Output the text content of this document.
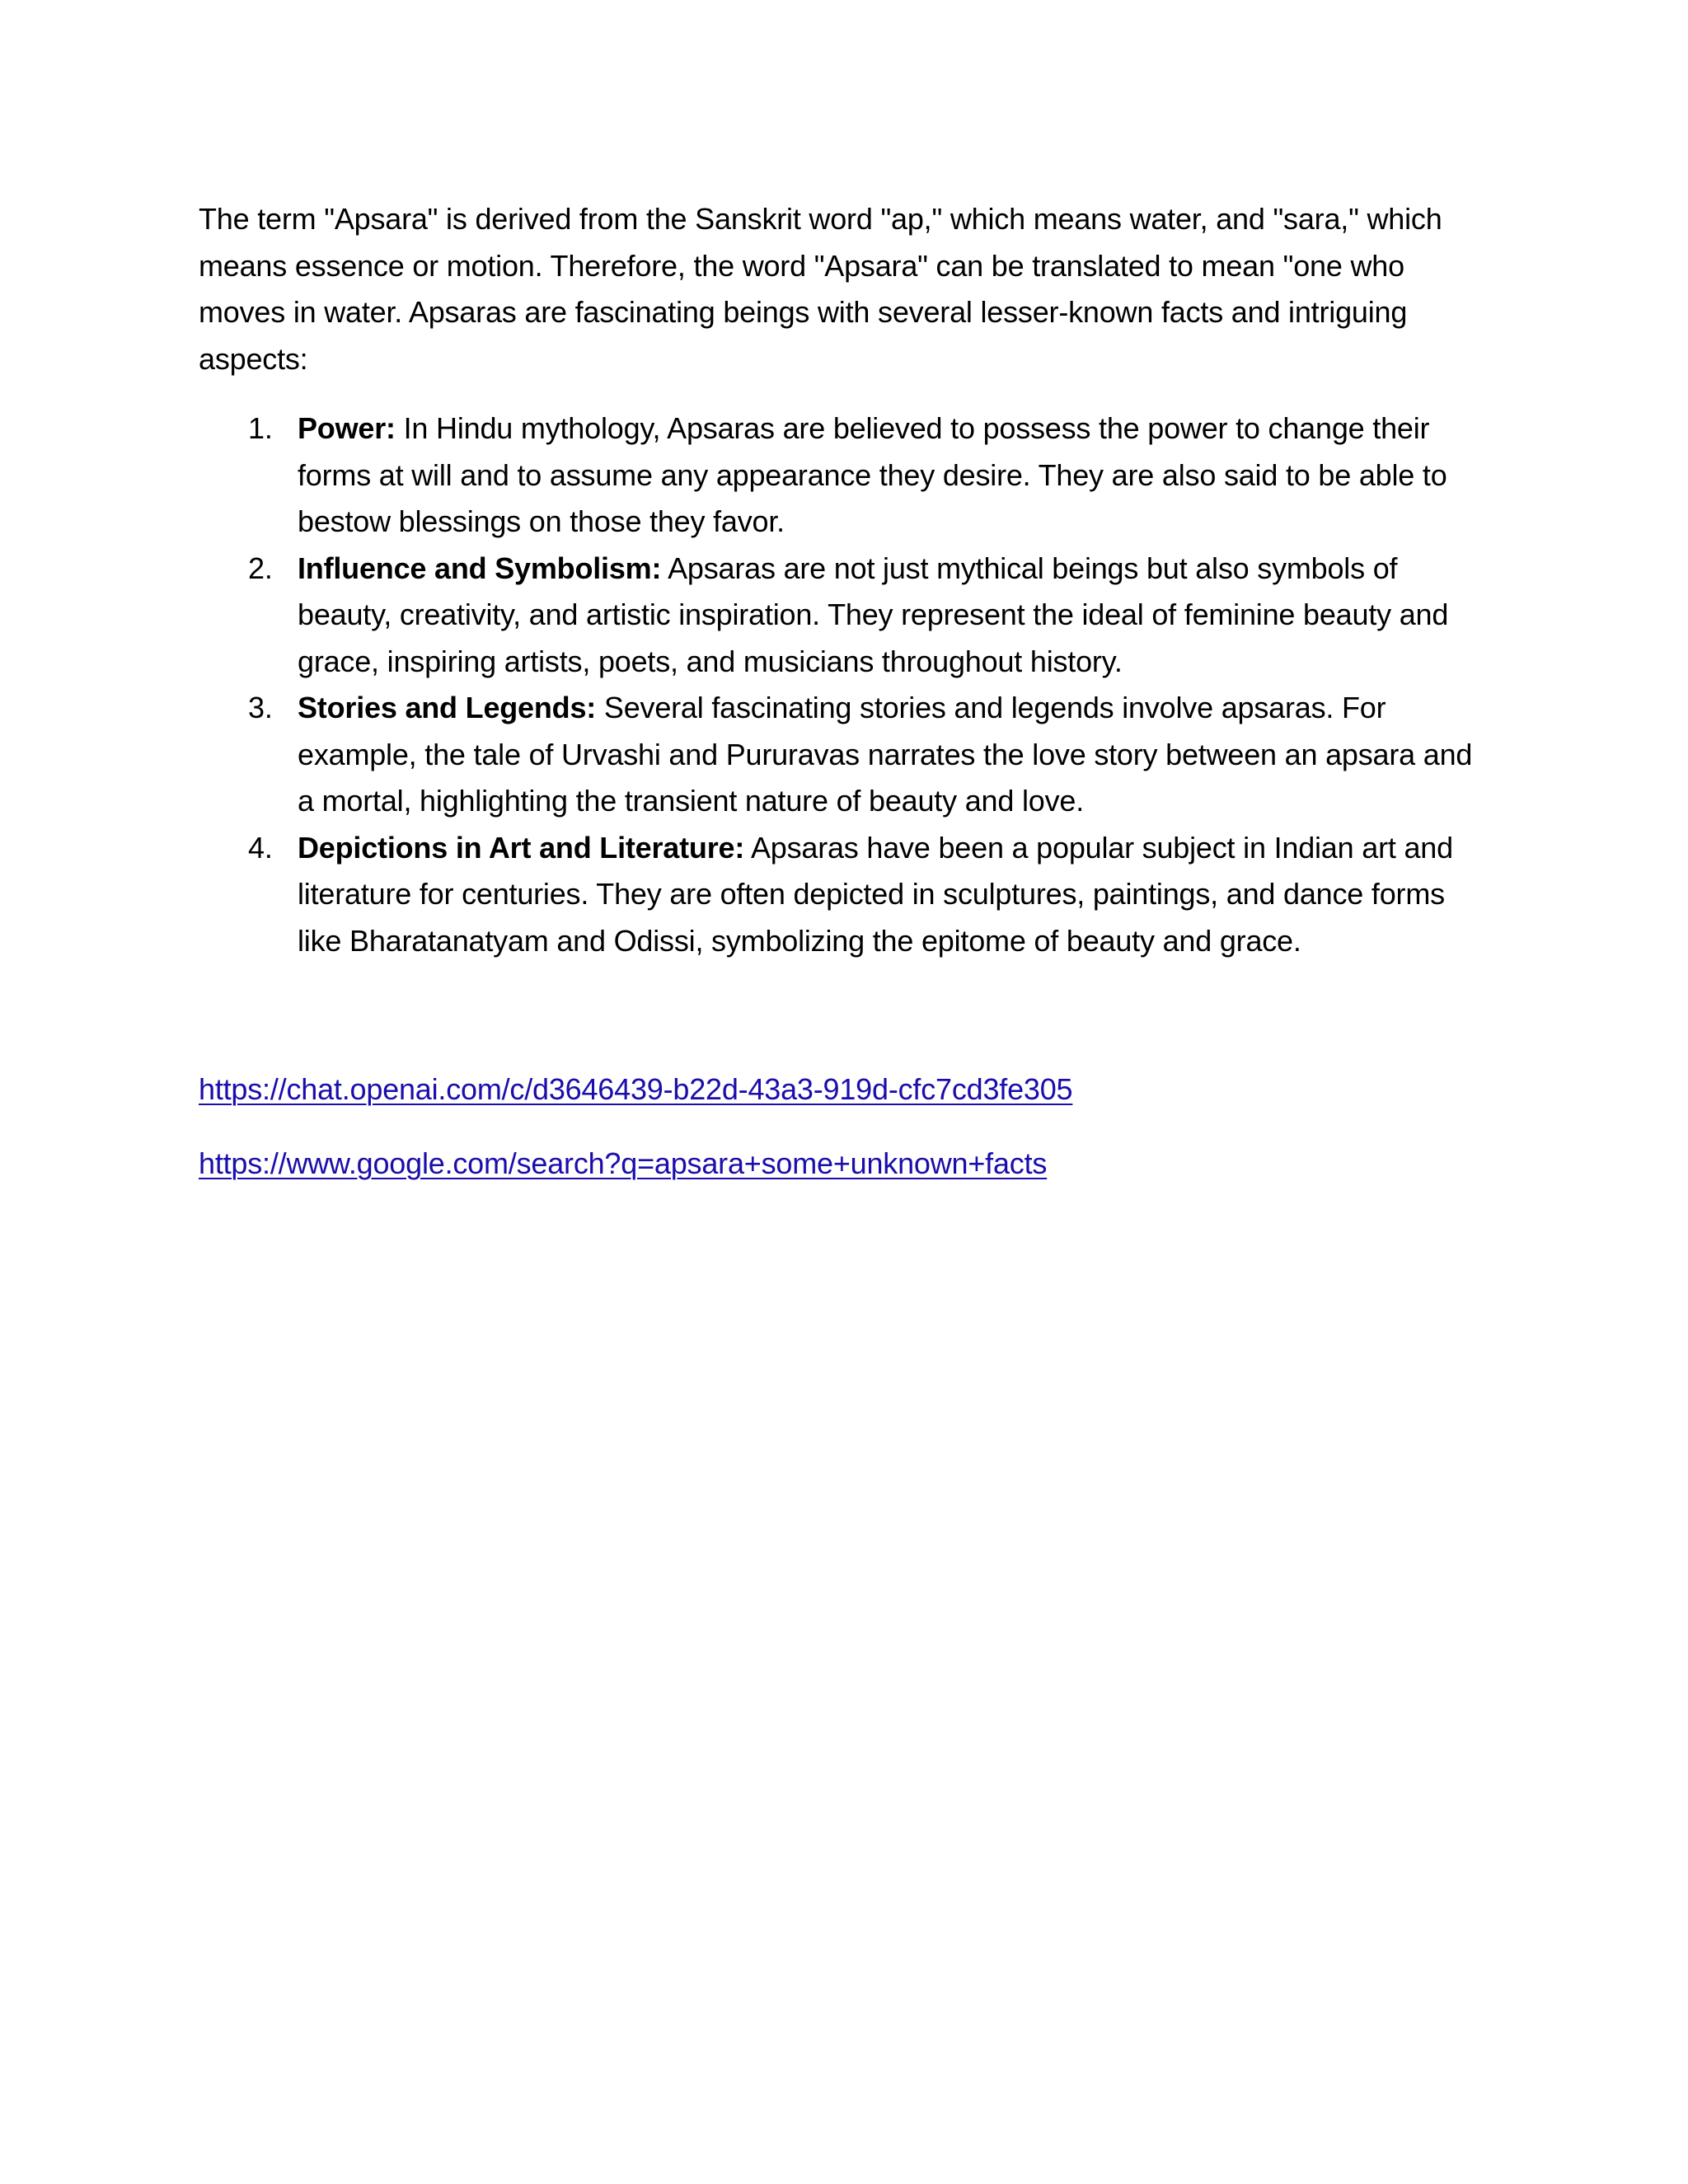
The term "Apsara" is derived from the Sanskrit word "ap," which means water, and "sara," which means essence or motion. Therefore, the word "Apsara" can be translated to mean "one who moves in water. Apsaras are fascinating beings with several lesser-known facts and intriguing aspects:

1. Power: In Hindu mythology, Apsaras are believed to possess the power to change their forms at will and to assume any appearance they desire. They are also said to be able to bestow blessings on those they favor.
2. Influence and Symbolism: Apsaras are not just mythical beings but also symbols of beauty, creativity, and artistic inspiration. They represent the ideal of feminine beauty and grace, inspiring artists, poets, and musicians throughout history.
3. Stories and Legends: Several fascinating stories and legends involve apsaras. For example, the tale of Urvashi and Pururavas narrates the love story between an apsara and a mortal, highlighting the transient nature of beauty and love.
4. Depictions in Art and Literature: Apsaras have been a popular subject in Indian art and literature for centuries. They are often depicted in sculptures, paintings, and dance forms like Bharatanatyam and Odissi, symbolizing the epitome of beauty and grace.
https://chat.openai.com/c/d3646439-b22d-43a3-919d-cfc7cd3fe305
https://www.google.com/search?q=apsara+some+unknown+facts
